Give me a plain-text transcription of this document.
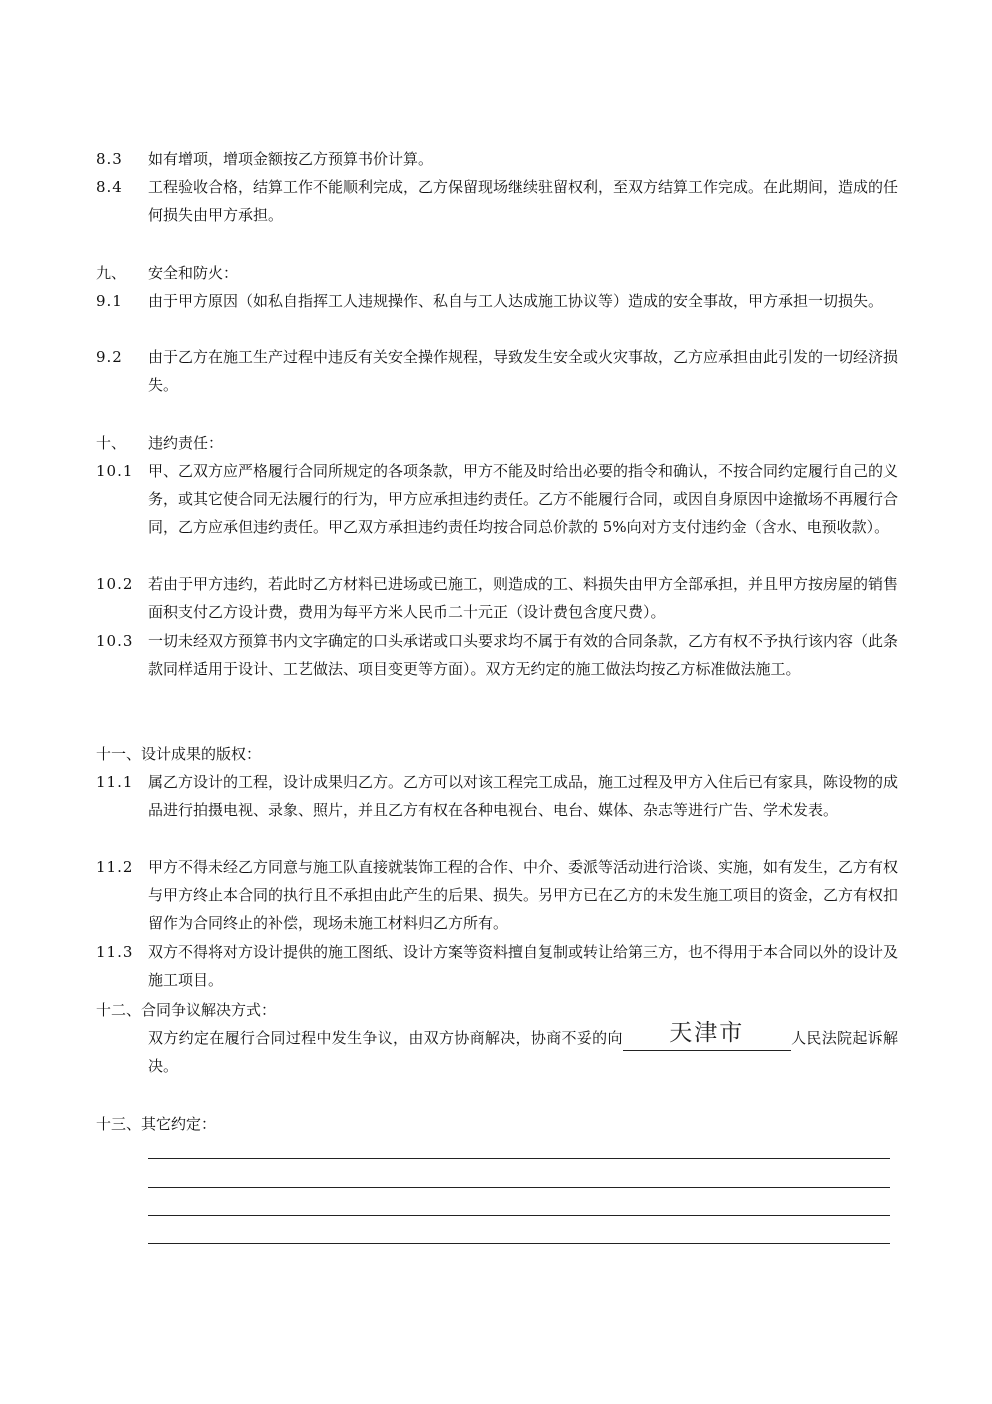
8.3 如有增项，增项金额按乙方预算书价计算。
8.4 工程验收合格，结算工作不能顺利完成，乙方保留现场继续驻留权利，至双方结算工作完成。在此期间，造成的任何损失由甲方承担。
九、 安全和防火：
9.1 由于甲方原因（如私自指挥工人违规操作、私自与工人达成施工协议等）造成的安全事故，甲方承担一切损失。
9.2 由于乙方在施工生产过程中违反有关安全操作规程，导致发生安全或火灾事故，乙方应承担由此引发的一切经济损失。
十、 违约责任：
10.1 甲、乙双方应严格履行合同所规定的各项条款，甲方不能及时给出必要的指令和确认，不按合同约定履行自己的义务，或其它使合同无法履行的行为，甲方应承担违约责任。乙方不能履行合同，或因自身原因中途撤场不再履行合同，乙方应承但违约责任。甲乙双方承担违约责任均按合同总价款的 5%向对方支付违约金（含水、电预收款）。
10.2 若由于甲方违约，若此时乙方材料已进场或已施工，则造成的工、料损失由甲方全部承担，并且甲方按房屋的销售面积支付乙方设计费，费用为每平方米人民币二十元正（设计费包含度尺费）。
10.3 一切未经双方预算书内文字确定的口头承诺或口头要求均不属于有效的合同条款，乙方有权不予执行该内容（此条款同样适用于设计、工艺做法、项目变更等方面）。双方无约定的施工做法均按乙方标准做法施工。
十一、设计成果的版权：
11.1 属乙方设计的工程，设计成果归乙方。乙方可以对该工程完工成品，施工过程及甲方入住后已有家具，陈设物的成品进行拍摄电视、录象、照片，并且乙方有权在各种电视台、电台、媒体、杂志等进行广告、学术发表。
11.2 甲方不得未经乙方同意与施工队直接就装饰工程的合作、中介、委派等活动进行洽谈、实施，如有发生，乙方有权与甲方终止本合同的执行且不承担由此产生的后果、损失。另甲方已在乙方的未发生施工项目的资金，乙方有权扣留作为合同终止的补偿，现场未施工材料归乙方所有。
11.3 双方不得将对方设计提供的施工图纸、设计方案等资料擅自复制或转让给第三方，也不得用于本合同以外的设计及施工项目。
十二、合同争议解决方式：
双方约定在履行合同过程中发生争议，由双方协商解决，协商不妥的向 天津市	人民法院起诉解决。
十三、其它约定：
